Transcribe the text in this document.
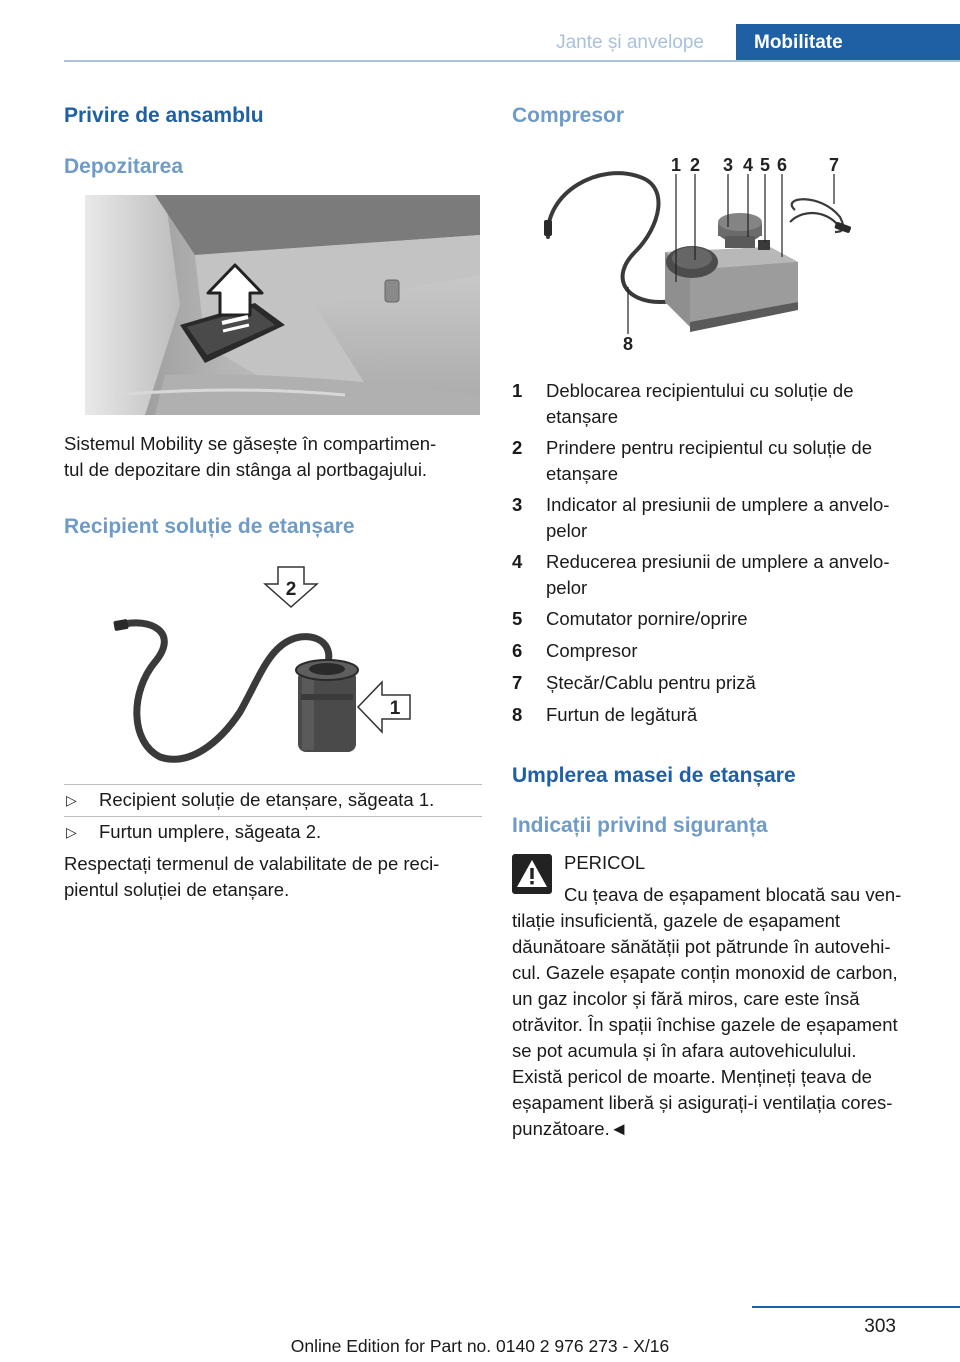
Jante și anvelope	Mobilitate
Privire de ansamblu
Depozitarea
Sistemul Mobility se găsește în compartimen‐
tul de depozitare din stânga al portbagajului.
Recipient soluție de etanșare
2
1
▷ Recipient soluție de etanșare, săgeata 1.
▷ Furtun umplere, săgeata 2.
Respectați termenul de valabilitate de pe reci‐
pientul soluției de etanșare.
Compresor
1 2 3 4 5 6 7
8
1 Deblocarea recipientului cu soluție de
etanșare
2 Prindere pentru recipientul cu soluție de
etanșare
3 Indicator al presiunii de umplere a anvelo‐
pelor
4 Reducerea presiunii de umplere a anvelo‐
pelor
5 Comutator pornire/oprire
6 Compresor
7 Ștecăr/Cablu pentru priză
8 Furtun de legătură
Umplerea masei de etanșare
Indicații privind siguranța
PERICOL
Cu țeava de eșapament blocată sau ven‐
tilație insuficientă, gazele de eșapament
dăunătoare sănătății pot pătrunde în autovehi‐
cul. Gazele eșapate conțin monoxid de carbon,
un gaz incolor și fără miros, care este însă
otrăvitor. În spații închise gazele de eșapament
se pot acumula și în afara autovehiculului.
Există pericol de moarte. Mențineți țeava de
eșapament liberă și asigurați-i ventilația cores‐
punzătoare.◄
303
Online Edition for Part no. 0140 2 976 273 - X/16
